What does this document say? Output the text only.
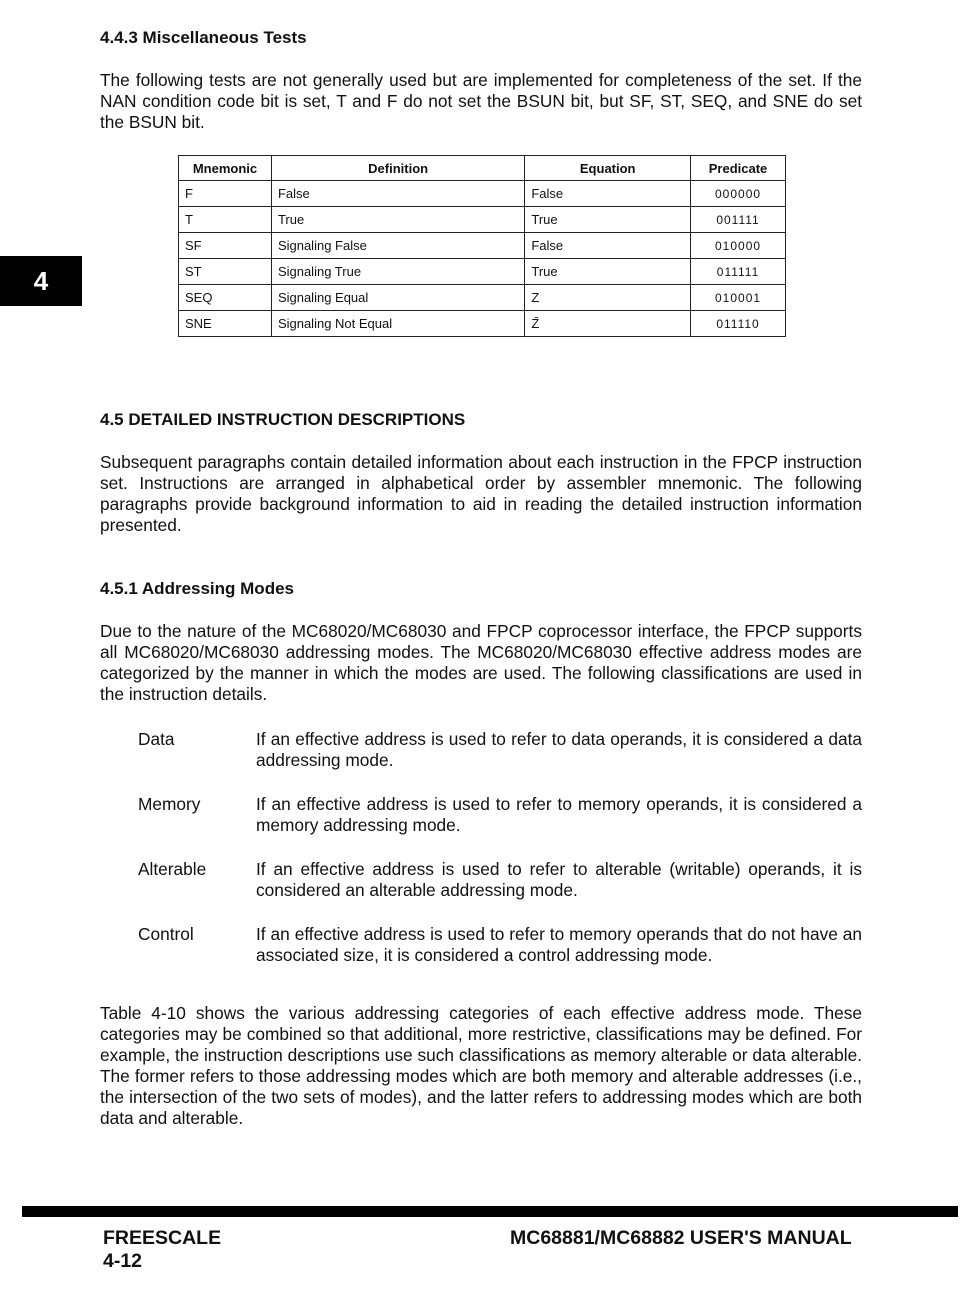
4.4.3 Miscellaneous Tests
The following tests are not generally used but are implemented for completeness of the set. If the NAN condition code bit is set, T and F do not set the BSUN bit, but SF, ST, SEQ, and SNE do set the BSUN bit.
4
Mnemonic	Definition	Equation	Predicate
F	False	False	000000
T	True	True	001111
SF	Signaling False	False	010000
ST	Signaling True	True	011111
SEQ	Signaling Equal	Z	010001
SNE	Signaling Not Equal	Z̄	011110
4.5 DETAILED INSTRUCTION DESCRIPTIONS
Subsequent paragraphs contain detailed information about each instruction in the FPCP instruction set. Instructions are arranged in alphabetical order by assembler mnemonic. The following paragraphs provide background information to aid in reading the detailed instruction information presented.
4.5.1 Addressing Modes
Due to the nature of the MC68020/MC68030 and FPCP coprocessor interface, the FPCP supports all MC68020/MC68030 addressing modes. The MC68020/MC68030 effective address modes are categorized by the manner in which the modes are used. The following classifications are used in the instruction details.
Data	If an effective address is used to refer to data operands, it is considered a data addressing mode.
Memory	If an effective address is used to refer to memory operands, it is considered a memory addressing mode.
Alterable	If an effective address is used to refer to alterable (writable) operands, it is considered an alterable addressing mode.
Control	If an effective address is used to refer to memory operands that do not have an associated size, it is considered a control addressing mode.
Table 4-10 shows the various addressing categories of each effective address mode. These categories may be combined so that additional, more restrictive, classifications may be defined. For example, the instruction descriptions use such classifications as memory alterable or data alterable. The former refers to those addressing modes which are both memory and alterable addresses (i.e., the intersection of the two sets of modes), and the latter refers to addressing modes which are both data and alterable.
FREESCALE
4-12
MC68881/MC68882 USER'S MANUAL
